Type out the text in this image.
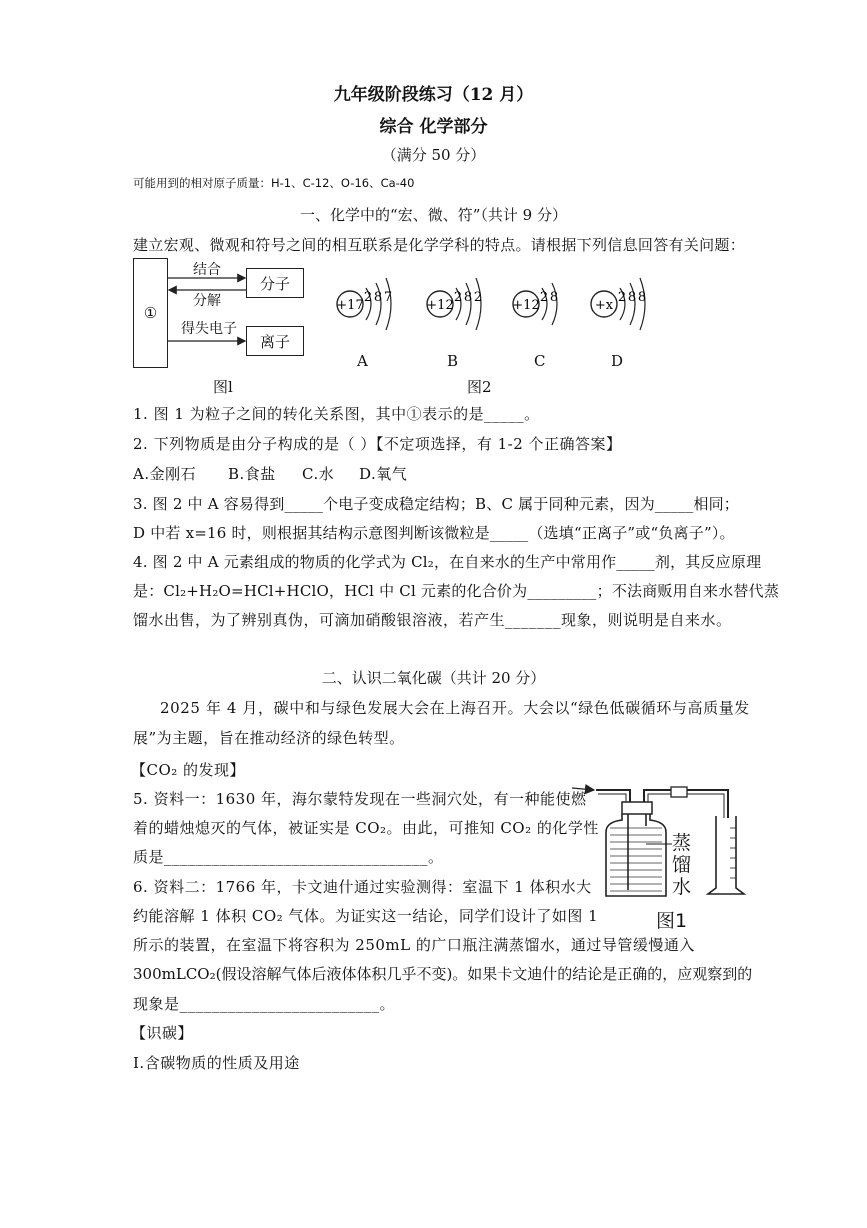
九年级阶段练习（12 月）
综合 化学部分
（满分 50 分）
可能用到的相对原子质量：H-1、C-12、O-16、Ca-40
一、化学中的“宏、微、符”（共计 9 分）
建立宏观、微观和符号之间的相互联系是化学学科的特点。请根据下列信息回答有关问题：
①
分子
离子
结合
分解
得失电子
图l
+17
2 8 7
+12
2 8 2
+12
2 8
+x
2 8 8
A	B	C	D
图2
1. 图 1 为粒子之间的转化关系图，其中①表示的是_____。
2. 下列物质是由分子构成的是（ ）【不定项选择，有 1-2 个正确答案】
A.金刚石 B.食盐 C.水 D.氧气
3. 图 2 中 A 容易得到_____个电子变成稳定结构；B、C 属于同种元素，因为_____相同；
D 中若 x=16 时，则根据其结构示意图判断该微粒是_____（选填“正离子”或“负离子”）。
4. 图 2 中 A 元素组成的物质的化学式为 Cl₂，在自来水的生产中常用作_____剂，其反应原理
是：Cl₂+H₂O=HCl+HClO，HCl 中 Cl 元素的化合价为_________；不法商贩用自来水替代蒸
馏水出售，为了辨别真伪，可滴加硝酸银溶液，若产生_______现象，则说明是自来水。
二、认识二氧化碳（共计 20 分）
2025 年 4 月，碳中和与绿色发展大会在上海召开。大会以“绿色低碳循环与高质量发
展”为主题，旨在推动经济的绿色转型。
【CO₂ 的发现】
5. 资料一：1630 年，海尔蒙特发现在一些洞穴处，有一种能使燃
着的蜡烛熄灭的气体，被证实是 CO₂。由此，可推知 CO₂ 的化学性
质是_________________________________。
6. 资料二：1766 年，卡文迪什通过实验测得：室温下 1 体积水大
约能溶解 1 体积 CO₂ 气体。为证实这一结论，同学们设计了如图 1
所示的装置，在室温下将容积为 250mL 的广口瓶注满蒸馏水，通过导管缓慢通入
300mLCO₂(假设溶解气体后液体体积几乎不变)。如果卡文迪什的结论是正确的，应观察到的
现象是_________________________。
蒸
馏
水
图1
【识碳】
Ⅰ.含碳物质的性质及用途
